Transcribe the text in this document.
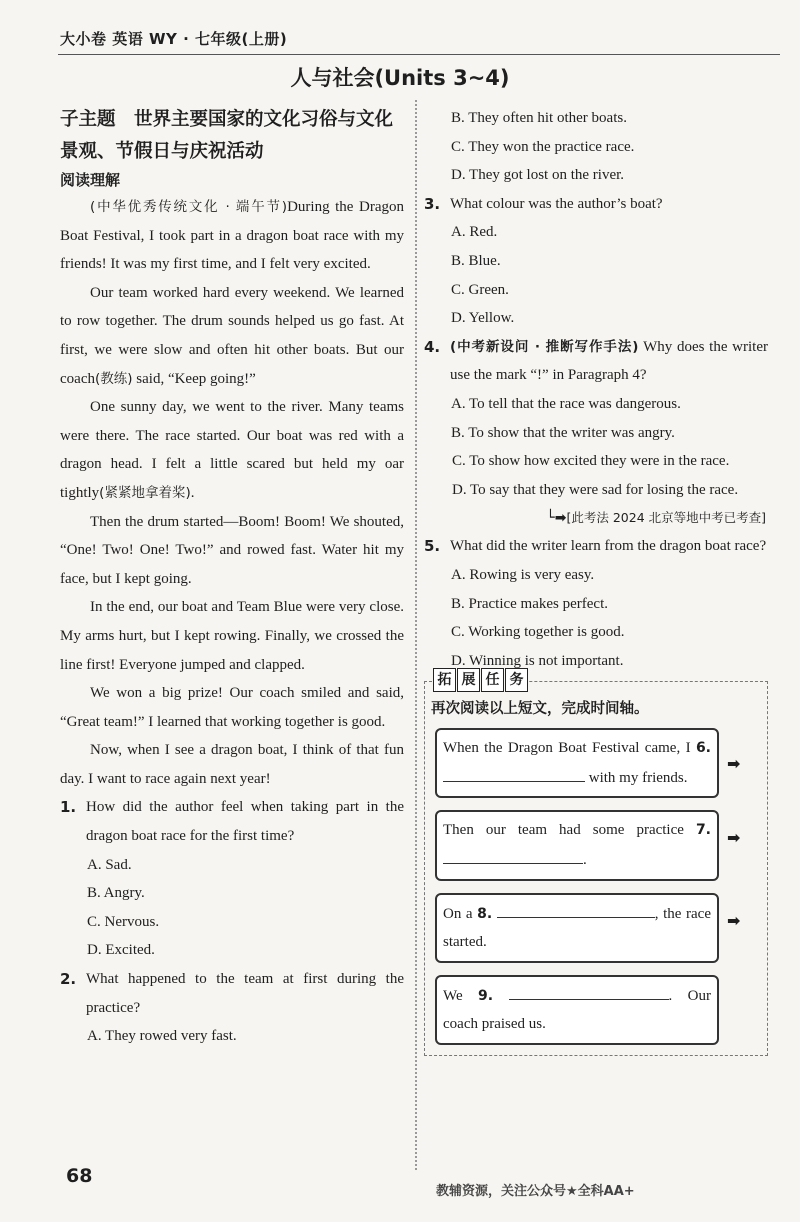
大小卷 英语 WY · 七年级(上册)
人与社会(Units 3~4)

子主题　世界主要国家的文化习俗与文化景观、节假日与庆祝活动

阅读理解

(中华优秀传统文化 · 端午节)During the Dragon Boat Festival, I took part in a dragon boat race with my friends! It was my first time, and I felt very excited.

Our team worked hard every weekend. We learned to row together. The drum sounds helped us go fast. At first, we were slow and often hit other boats. But our coach(教练) said, “Keep going!”

One sunny day, we went to the river. Many teams were there. The race started. Our boat was red with a dragon head. I felt a little scared but held my oar tightly(紧紧地拿着桨).

Then the drum started—Boom! Boom! We shouted, “One! Two! One! Two!” and rowed fast. Water hit my face, but I kept going.

In the end, our boat and Team Blue were very close. My arms hurt, but I kept rowing. Finally, we crossed the line first! Everyone jumped and clapped.

We won a big prize! Our coach smiled and said, “Great team!” I learned that working together is good.

Now, when I see a dragon boat, I think of that fun day. I want to race again next year!

1. How did the author feel when taking part in the dragon boat race for the first time?
A. Sad.
B. Angry.
C. Nervous.
D. Excited.
2. What happened to the team at first during the practice?
A. They rowed very fast.
B. They often hit other boats.
C. They won the practice race.
D. They got lost on the river.
3. What colour was the author’s boat?
A. Red.
B. Blue.
C. Green.
D. Yellow.
4. (中考新设问 · 推断写作手法) Why does the writer use the mark “!” in Paragraph 4?
A. To tell that the race was dangerous.
B. To show that the writer was angry.
C. To show how excited they were in the race.
D. To say that they were sad for losing the race.
└➡[此考法 2024 北京等地中考已考查]
5. What did the writer learn from the dragon boat race?
A. Rowing is very easy.
B. Practice makes perfect.
C. Working together is good.
D. Winning is not important.
拓 展 任 务
再次阅读以上短文，完成时间轴。
When the Dragon Boat Festival came, I 6.  with my friends.
➡
Then our team had some practice 7. .
➡
On a 8.	, the race started.
➡
We 9.	. Our coach praised us.
68
教辅资源，关注公众号★全科AA+
